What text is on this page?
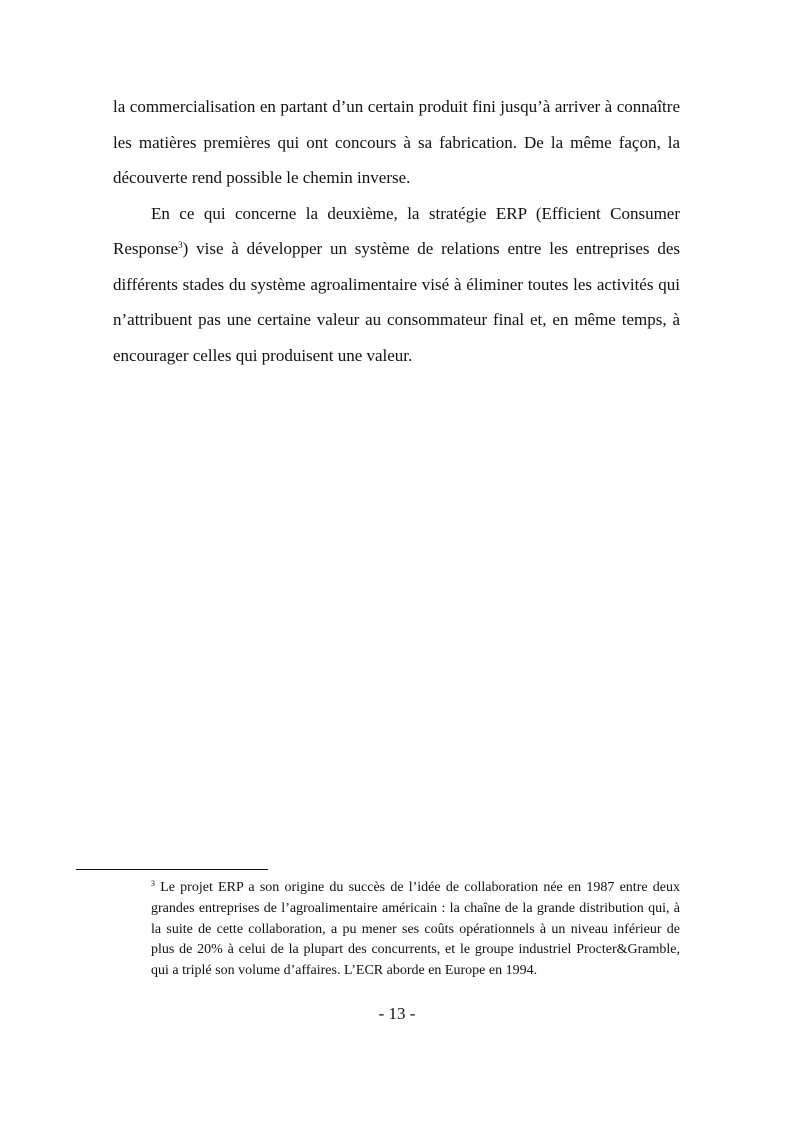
la commercialisation en partant d’un certain produit fini jusqu’à arriver à connaître les matières premières qui ont concours à sa fabrication. De la même façon, la découverte rend possible le chemin inverse.

En ce qui concerne la deuxième, la stratégie ERP (Efficient Consumer Response$^3$) vise à développer un système de relations entre les entreprises des différents stades du système agroalimentaire visé à éliminer toutes les activités qui n’attribuent pas une certaine valeur au consommateur final et, en même temps, à encourager celles qui produisent une valeur.

$^3$ Le projet ERP a son origine du succès de l’idée de collaboration née en 1987 entre deux grandes entreprises de l’agroalimentaire américain : la chaîne de la grande distribution qui, à la suite de cette collaboration, a pu mener ses coûts opérationnels à un niveau inférieur de plus de 20% à celui de la plupart des concurrents, et le groupe industriel Procter&Gramble, qui a triplé son volume d’affaires. L’ECR aborde en Europe en 1994.

- 13 -
